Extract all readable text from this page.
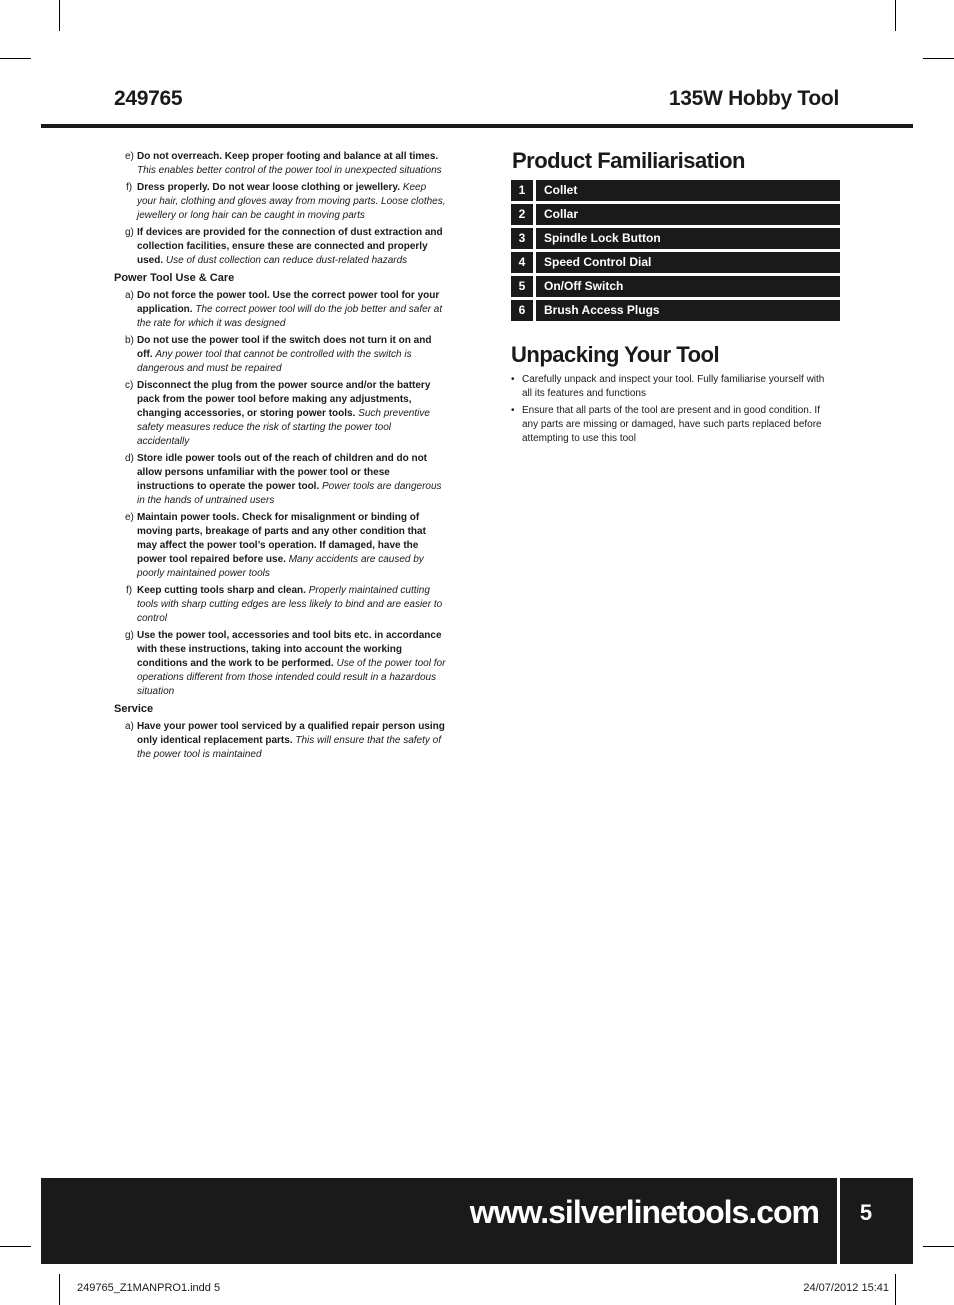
249765	135W Hobby Tool
e) Do not overreach. Keep proper footing and balance at all times. This enables better control of the power tool in unexpected situations
f) Dress properly. Do not wear loose clothing or jewellery. Keep your hair, clothing and gloves away from moving parts. Loose clothes, jewellery or long hair can be caught in moving parts
g) If devices are provided for the connection of dust extraction and collection facilities, ensure these are connected and properly used. Use of dust collection can reduce dust-related hazards
Power Tool Use & Care
a) Do not force the power tool. Use the correct power tool for your application. The correct power tool will do the job better and safer at the rate for which it was designed
b) Do not use the power tool if the switch does not turn it on and off. Any power tool that cannot be controlled with the switch is dangerous and must be repaired
c) Disconnect the plug from the power source and/or the battery pack from the power tool before making any adjustments, changing accessories, or storing power tools. Such preventive safety measures reduce the risk of starting the power tool accidentally
d) Store idle power tools out of the reach of children and do not allow persons unfamiliar with the power tool or these instructions to operate the power tool. Power tools are dangerous in the hands of untrained users
e) Maintain power tools. Check for misalignment or binding of moving parts, breakage of parts and any other condition that may affect the power tool’s operation. If damaged, have the power tool repaired before use. Many accidents are caused by poorly maintained power tools
f) Keep cutting tools sharp and clean. Properly maintained cutting tools with sharp cutting edges are less likely to bind and are easier to control
g) Use the power tool, accessories and tool bits etc. in accordance with these instructions, taking into account the working conditions and the work to be performed. Use of the power tool for operations different from those intended could result in a hazardous situation
Service
a) Have your power tool serviced by a qualified repair person using only identical replacement parts. This will ensure that the safety of the power tool is maintained
Product Familiarisation
1	Collet
2	Collar
3	Spindle Lock Button
4	Speed Control Dial
5	On/Off Switch
6	Brush Access Plugs
Unpacking Your Tool
• Carefully unpack and inspect your tool. Fully familiarise yourself with all its features and functions
• Ensure that all parts of the tool are present and in good condition. If any parts are missing or damaged, have such parts replaced before attempting to use this tool
www.silverlinetools.com	5
249765_Z1MANPRO1.indd 5	24/07/2012 15:41
